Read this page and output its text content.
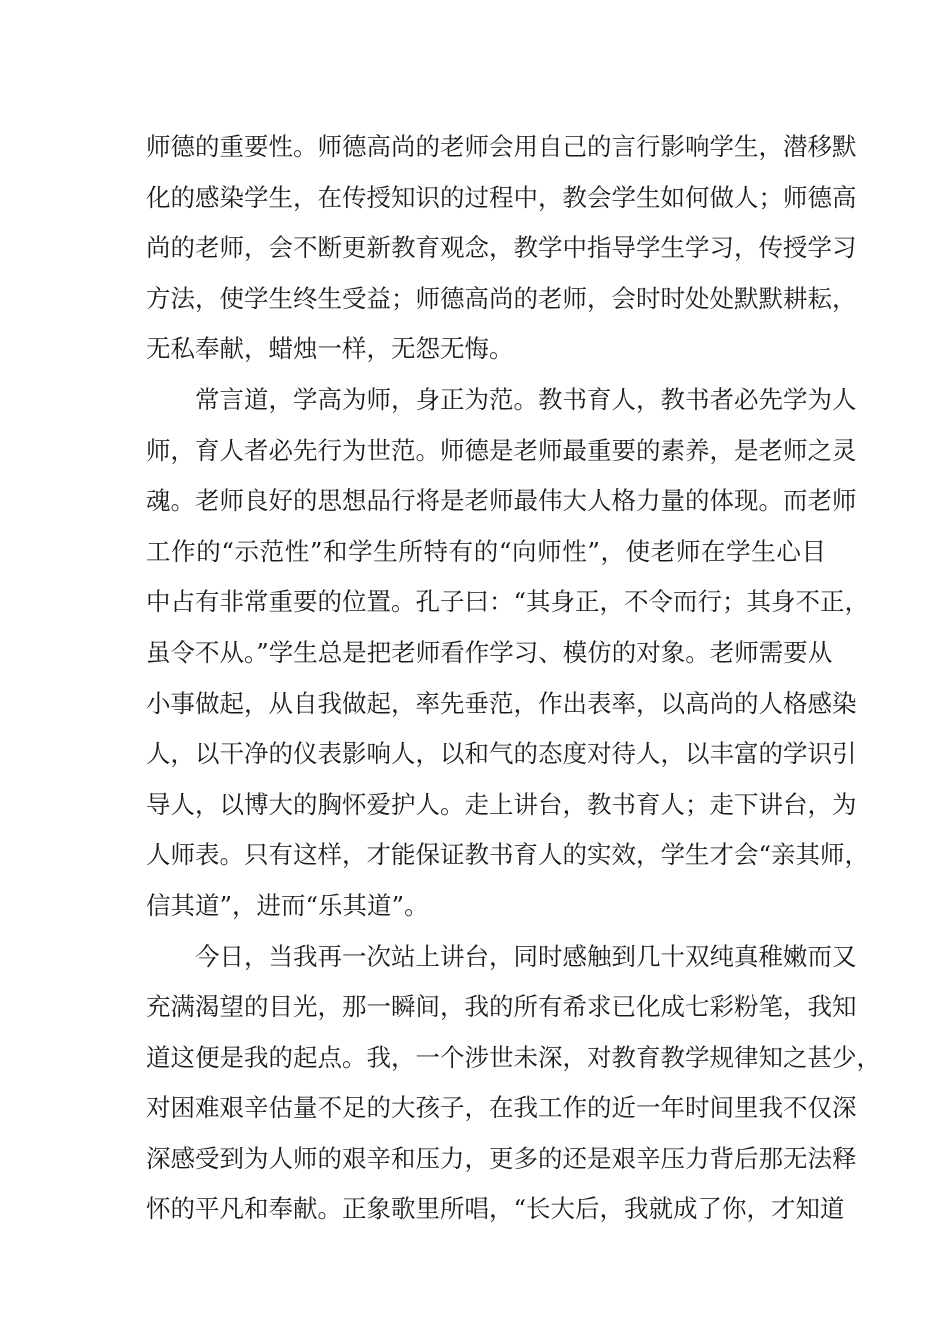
师德的重要性。师德高尚的老师会用自己的言行影响学生，潜移默
化的感染学生，在传授知识的过程中，教会学生如何做人；师德高
尚的老师，会不断更新教育观念，教学中指导学生学习，传授学习
方法，使学生终生受益；师德高尚的老师，会时时处处默默耕耘，
无私奉献，蜡烛一样，无怨无悔。
常言道，学高为师，身正为范。教书育人，教书者必先学为人
师，育人者必先行为世范。师德是老师最重要的素养，是老师之灵
魂。老师良好的思想品行将是老师最伟大人格力量的体现。而老师
工作的“示范性”和学生所特有的“向师性”，使老师在学生心目
中占有非常重要的位置。孔子曰：“其身正，不令而行；其身不正，
虽令不从。”学生总是把老师看作学习、模仿的对象。老师需要从
小事做起，从自我做起，率先垂范，作出表率，以高尚的人格感染
人，以干净的仪表影响人，以和气的态度对待人，以丰富的学识引
导人，以博大的胸怀爱护人。走上讲台，教书育人；走下讲台，为
人师表。只有这样，才能保证教书育人的实效，学生才会“亲其师，
信其道”，进而“乐其道”。
今日，当我再一次站上讲台，同时感触到几十双纯真稚嫩而又
充满渴望的目光，那一瞬间，我的所有希求已化成七彩粉笔，我知
道这便是我的起点。我，一个涉世未深，对教育教学规律知之甚少，
对困难艰辛估量不足的大孩子，在我工作的近一年时间里我不仅深
深感受到为人师的艰辛和压力，更多的还是艰辛压力背后那无法释
怀的平凡和奉献。正象歌里所唱，“长大后，我就成了你，才知道
